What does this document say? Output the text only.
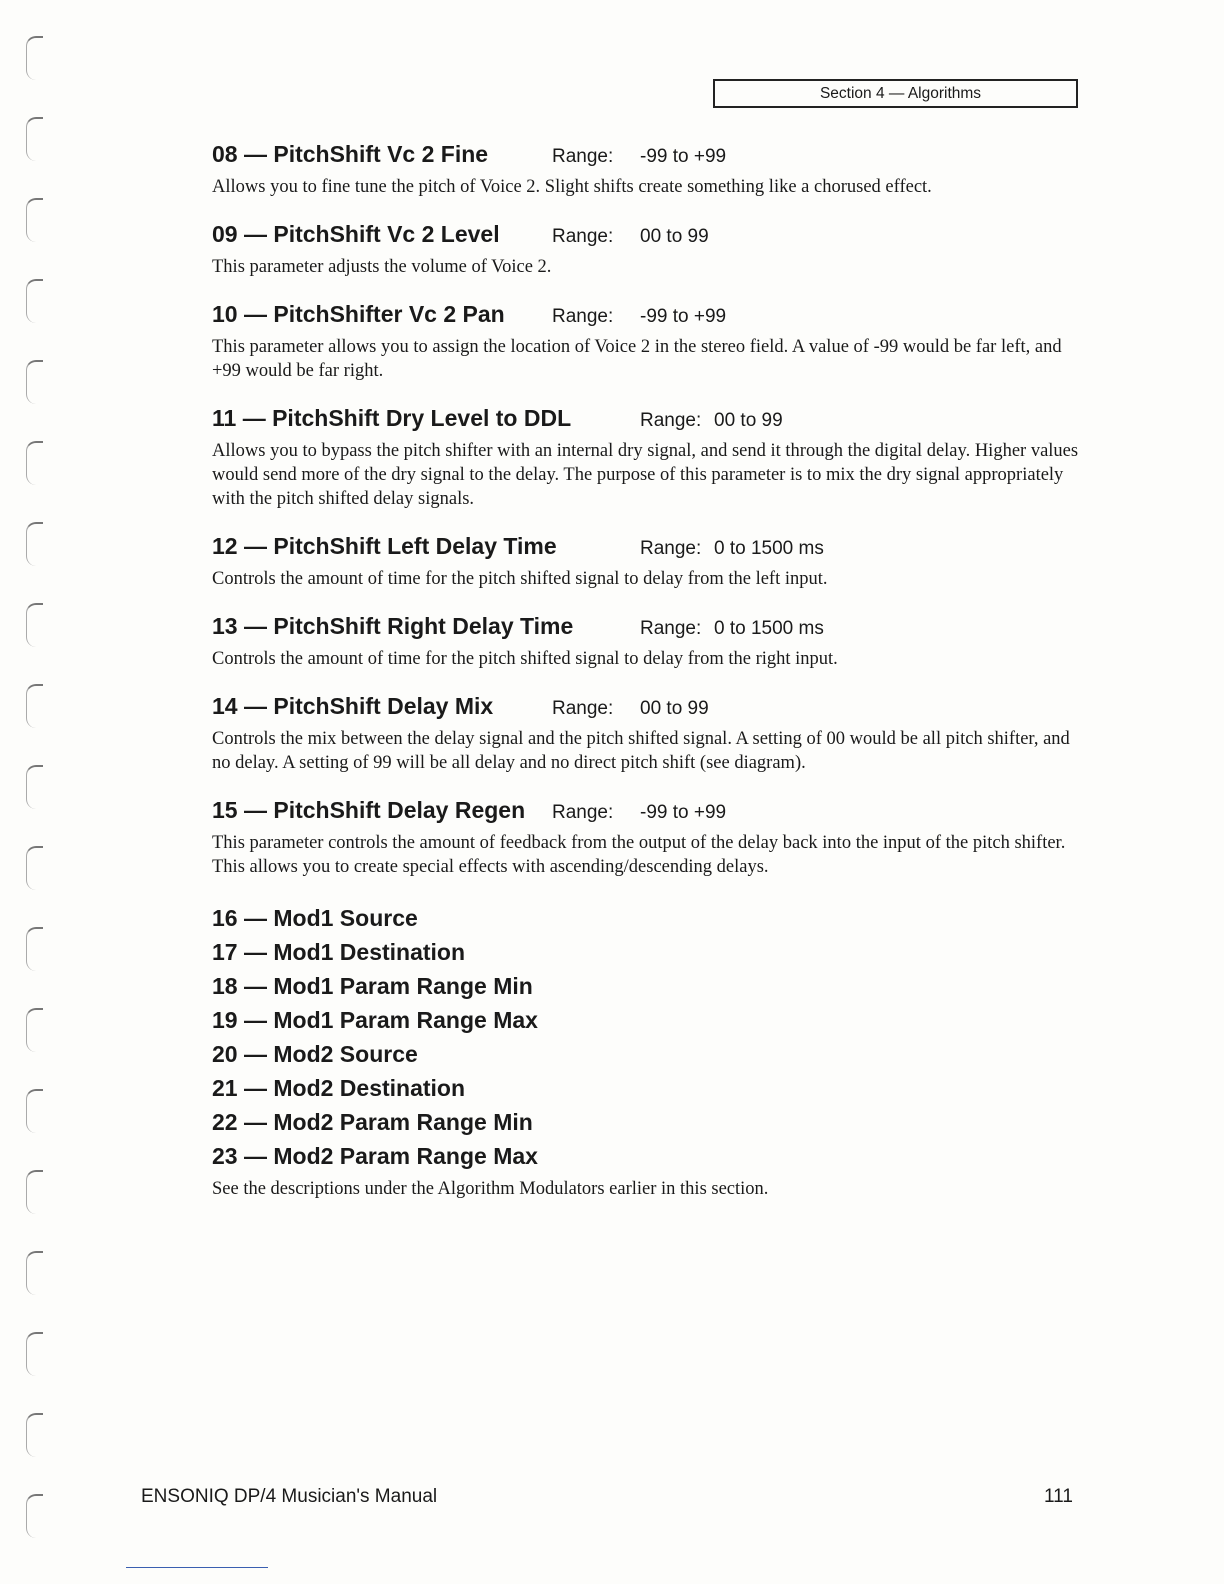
Section 4 — Algorithms
08 — PitchShift Vc 2 Fine	Range:	-99 to +99

Allows you to fine tune the pitch of Voice 2. Slight shifts create something like a chorused effect.

09 — PitchShift Vc 2 Level	Range:	00 to 99

This parameter adjusts the volume of Voice 2.

10 — PitchShifter Vc 2 Pan	Range:	-99 to +99

This parameter allows you to assign the location of Voice 2 in the stereo field. A value of -99 would be far left, and +99 would be far right.

11 — PitchShift Dry Level to DDL	Range: 00 to 99

Allows you to bypass the pitch shifter with an internal dry signal, and send it through the digital delay. Higher values would send more of the dry signal to the delay. The purpose of this parameter is to mix the dry signal appropriately with the pitch shifted delay signals.

12 — PitchShift Left Delay Time	Range: 0 to 1500 ms

Controls the amount of time for the pitch shifted signal to delay from the left input.

13 — PitchShift Right Delay Time	Range: 0 to 1500 ms

Controls the amount of time for the pitch shifted signal to delay from the right input.

14 — PitchShift Delay Mix	Range:	00 to 99

Controls the mix between the delay signal and the pitch shifted signal. A setting of 00 would be all pitch shifter, and no delay. A setting of 99 will be all delay and no direct pitch shift (see diagram).

15 — PitchShift Delay Regen	Range:	-99 to +99

This parameter controls the amount of feedback from the output of the delay back into the input of the pitch shifter. This allows you to create special effects with ascending/descending delays.

16 — Mod1 Source
17 — Mod1 Destination
18 — Mod1 Param Range Min
19 — Mod1 Param Range Max
20 — Mod2 Source
21 — Mod2 Destination
22 — Mod2 Param Range Min
23 — Mod2 Param Range Max

See the descriptions under the Algorithm Modulators earlier in this section.

ENSONIQ DP/4 Musician's Manual	111
